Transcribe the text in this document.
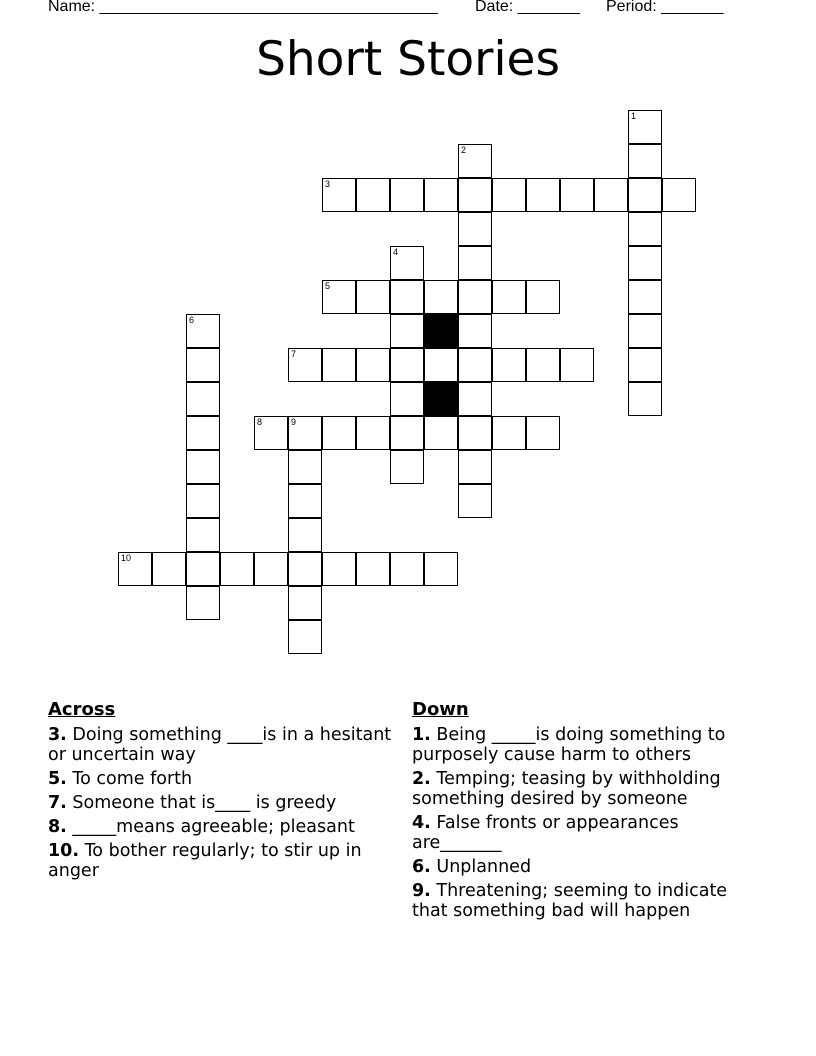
Name: ______________________________________ Date: _______ Period: _______
Short Stories
1
2
3
4
5
6
7
8	9
10
Across
3. Doing something ____is in a hesitant or uncertain way
5. To come forth
7. Someone that is____ is greedy
8. _____means agreeable; pleasant
10. To bother regularly; to stir up in anger
Down
1. Being _____is doing something to purposely cause harm to others
2. Temping; teasing by withholding something desired by someone
4. False fronts or appearances are_______
6. Unplanned
9. Threatening; seeming to indicate that something bad will happen
